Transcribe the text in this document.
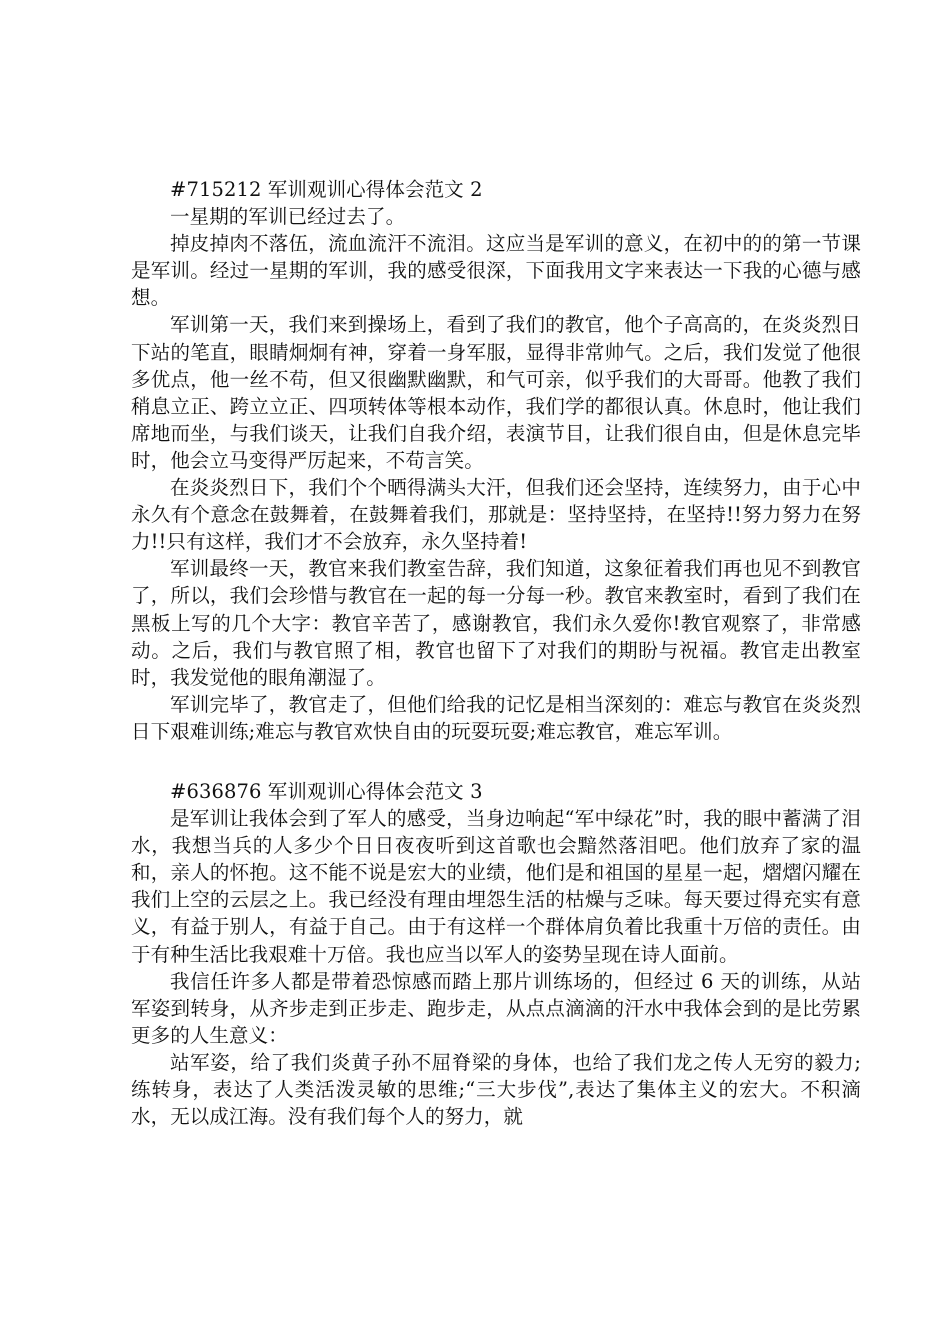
#715212 军训观训心得体会范文 2

一星期的军训已经过去了。

掉皮掉肉不落伍，流血流汗不流泪。这应当是军训的意义，在初中的的第一节课是军训。经过一星期的军训，我的感受很深，下面我用文字来表达一下我的心德与感想。

军训第一天，我们来到操场上，看到了我们的教官，他个子高高的，在炎炎烈日下站的笔直，眼睛炯炯有神，穿着一身军服，显得非常帅气。之后，我们发觉了他很多优点，他一丝不苟，但又很幽默幽默，和气可亲，似乎我们的大哥哥。他教了我们稍息立正、跨立立正、四项转体等根本动作，我们学的都很认真。休息时，他让我们席地而坐，与我们谈天，让我们自我介绍，表演节目，让我们很自由，但是休息完毕时，他会立马变得严厉起来，不苟言笑。

在炎炎烈日下，我们个个晒得满头大汗，但我们还会坚持，连续努力，由于心中永久有个意念在鼓舞着，在鼓舞着我们，那就是：坚持坚持，在坚持!!努力努力在努力!!只有这样，我们才不会放弃，永久坚持着!

军训最终一天，教官来我们教室告辞，我们知道，这象征着我们再也见不到教官了，所以，我们会珍惜与教官在一起的每一分每一秒。教官来教室时，看到了我们在黑板上写的几个大字：教官辛苦了，感谢教官，我们永久爱你!教官观察了，非常感动。之后，我们与教官照了相，教官也留下了对我们的期盼与祝福。教官走出教室时，我发觉他的眼角潮湿了。

军训完毕了，教官走了，但他们给我的记忆是相当深刻的：难忘与教官在炎炎烈日下艰难训练;难忘与教官欢快自由的玩耍玩耍;难忘教官，难忘军训。

#636876 军训观训心得体会范文 3

是军训让我体会到了军人的感受，当身边响起“军中绿花”时，我的眼中蓄满了泪水，我想当兵的人多少个日日夜夜听到这首歌也会黯然落泪吧。他们放弃了家的温和，亲人的怀抱。这不能不说是宏大的业绩，他们是和祖国的星星一起，熠熠闪耀在我们上空的云层之上。我已经没有理由埋怨生活的枯燥与乏味。每天要过得充实有意义，有益于别人，有益于自己。由于有这样一个群体肩负着比我重十万倍的责任。由于有种生活比我艰难十万倍。我也应当以军人的姿势呈现在诗人面前。

我信任许多人都是带着恐惊感而踏上那片训练场的，但经过 6 天的训练，从站军姿到转身，从齐步走到正步走、跑步走，从点点滴滴的汗水中我体会到的是比劳累更多的人生意义：

站军姿，给了我们炎黄子孙不屈脊梁的身体，也给了我们龙之传人无穷的毅力;练转身，表达了人类活泼灵敏的思维;“三大步伐”,表达了集体主义的宏大。不积滴水，无以成江海。没有我们每个人的努力，就
